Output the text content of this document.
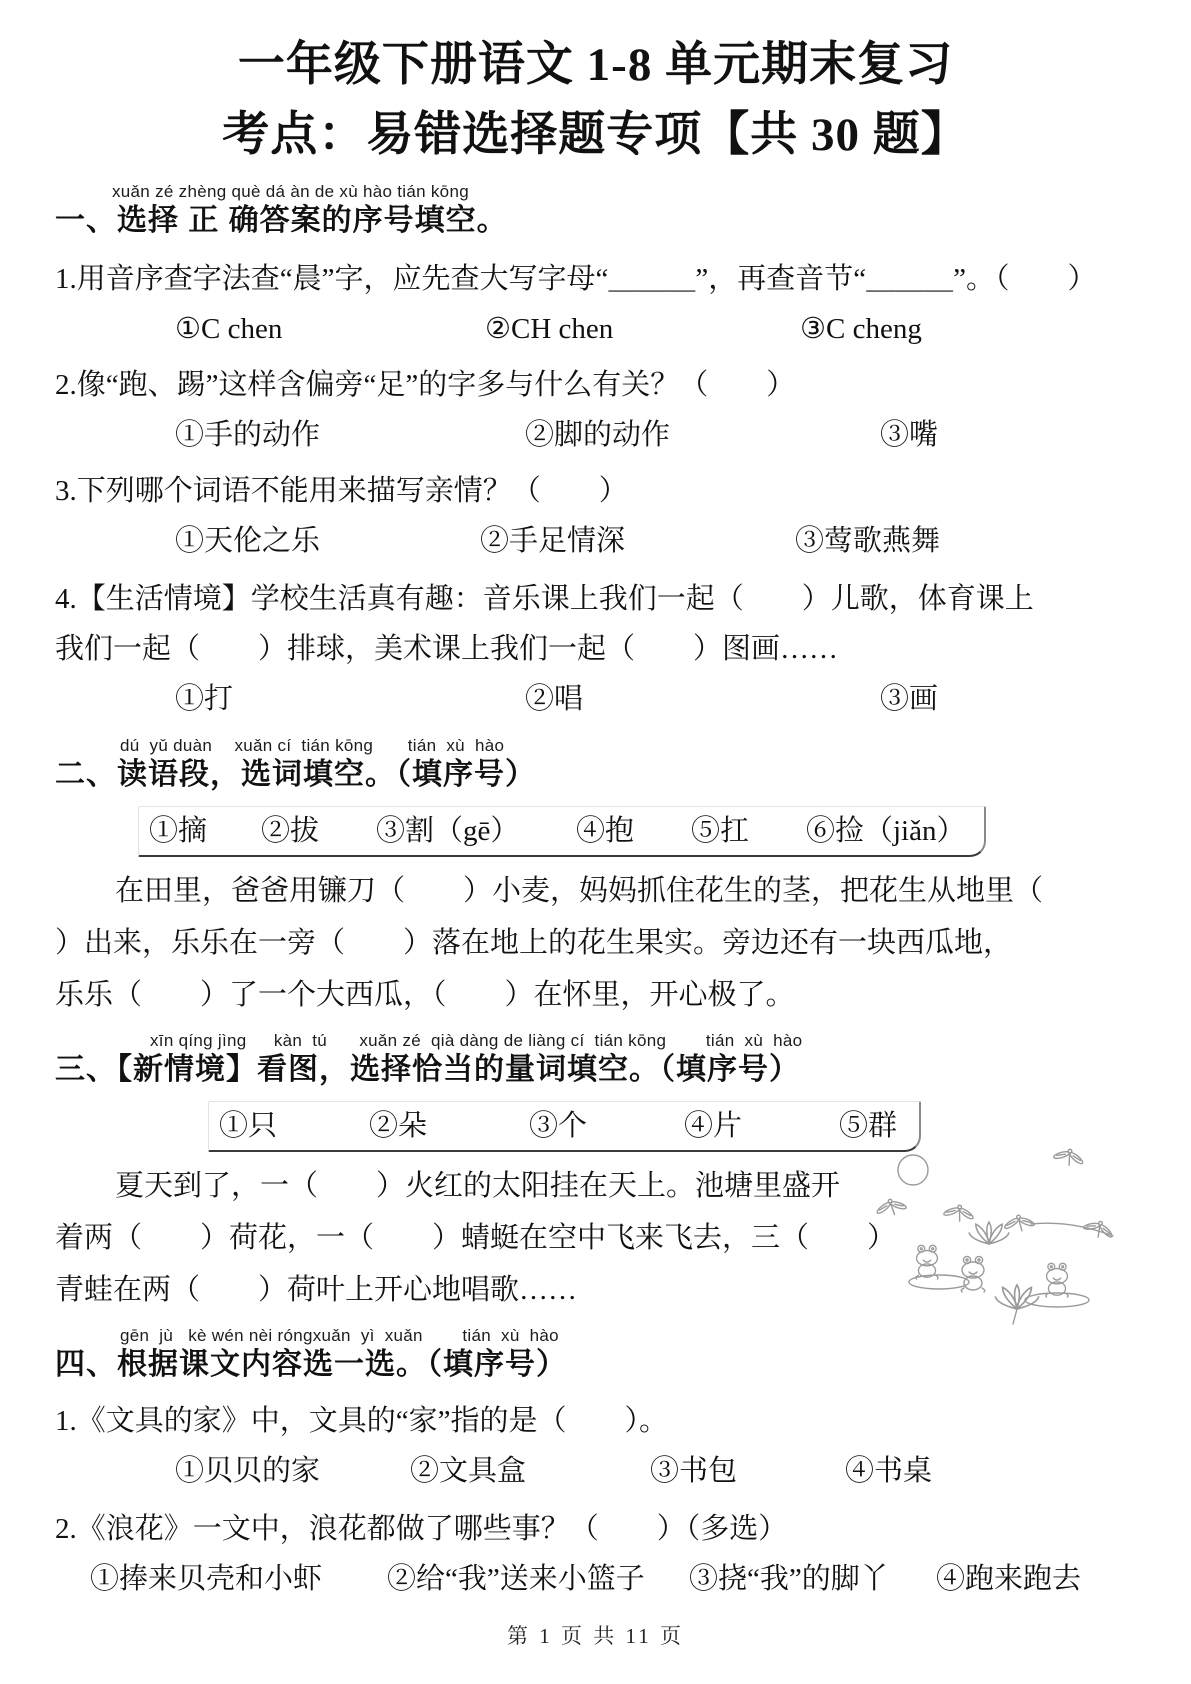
一年级下册语文 1-8 单元期末复习
考点：易错选择题专项【共 30 题】
xuǎn zé zhèng què dá àn de xù hào tián kōng
一、选择 正 确答案的序号填空。
1.用音序查字法查“晨”字，应先查大写字母“＿＿＿”，再查音节“＿＿＿”。（　　）
①C chen	②CH chen	③C cheng
2.像“跑、踢”这样含偏旁“足”的字多与什么有关？（　　）
①手的动作	②脚的动作	③嘴
3.下列哪个词语不能用来描写亲情？（　　）
①天伦之乐	②手足情深	③莺歌燕舞
4.【生活情境】学校生活真有趣：音乐课上我们一起（　　）儿歌，体育课上
我们一起（　　）排球，美术课上我们一起（　　）图画……
①打	②唱	③画
dú  yǔ duàn　 xuǎn cí  tián kōng　　tián  xù  hào
二、读语段，选词填空。（填序号）
①摘	②拔	③割（gē）	④抱	⑤扛	⑥捡（jiǎn）
在田里，爸爸用镰刀（　　）小麦，妈妈抓住花生的茎，把花生从地里（
）出来，乐乐在一旁（　　）落在地上的花生果实。旁边还有一块西瓜地，
乐乐（　　）了一个大西瓜，（　　）在怀里，开心极了。
xīn qíng jìng　  kàn  tú　   xuǎn zé  qià dàng de liàng cí  tián kōng　　 tián  xù  hào
三、【新情境】看图，选择恰当的量词填空。（填序号）
①只	②朵	③个	④片	⑤群
夏天到了，一（　　）火红的太阳挂在天上。池塘里盛开
着两（　　）荷花，一（　　）蜻蜓在空中飞来飞去，三（　　）
青蛙在两（　　）荷叶上开心地唱歌……
gēn  jù   kè wén nèi róngxuǎn  yì  xuǎn　　 tián  xù  hào
四、根据课文内容选一选。（填序号）
1.《文具的家》中，文具的“家”指的是（　　）。
①贝贝的家	②文具盒	③书包	④书桌
2.《浪花》一文中，浪花都做了哪些事？（　　）（多选）
①捧来贝壳和小虾	②给“我”送来小篮子	③挠“我”的脚丫	④跑来跑去
第 1 页 共 11 页
